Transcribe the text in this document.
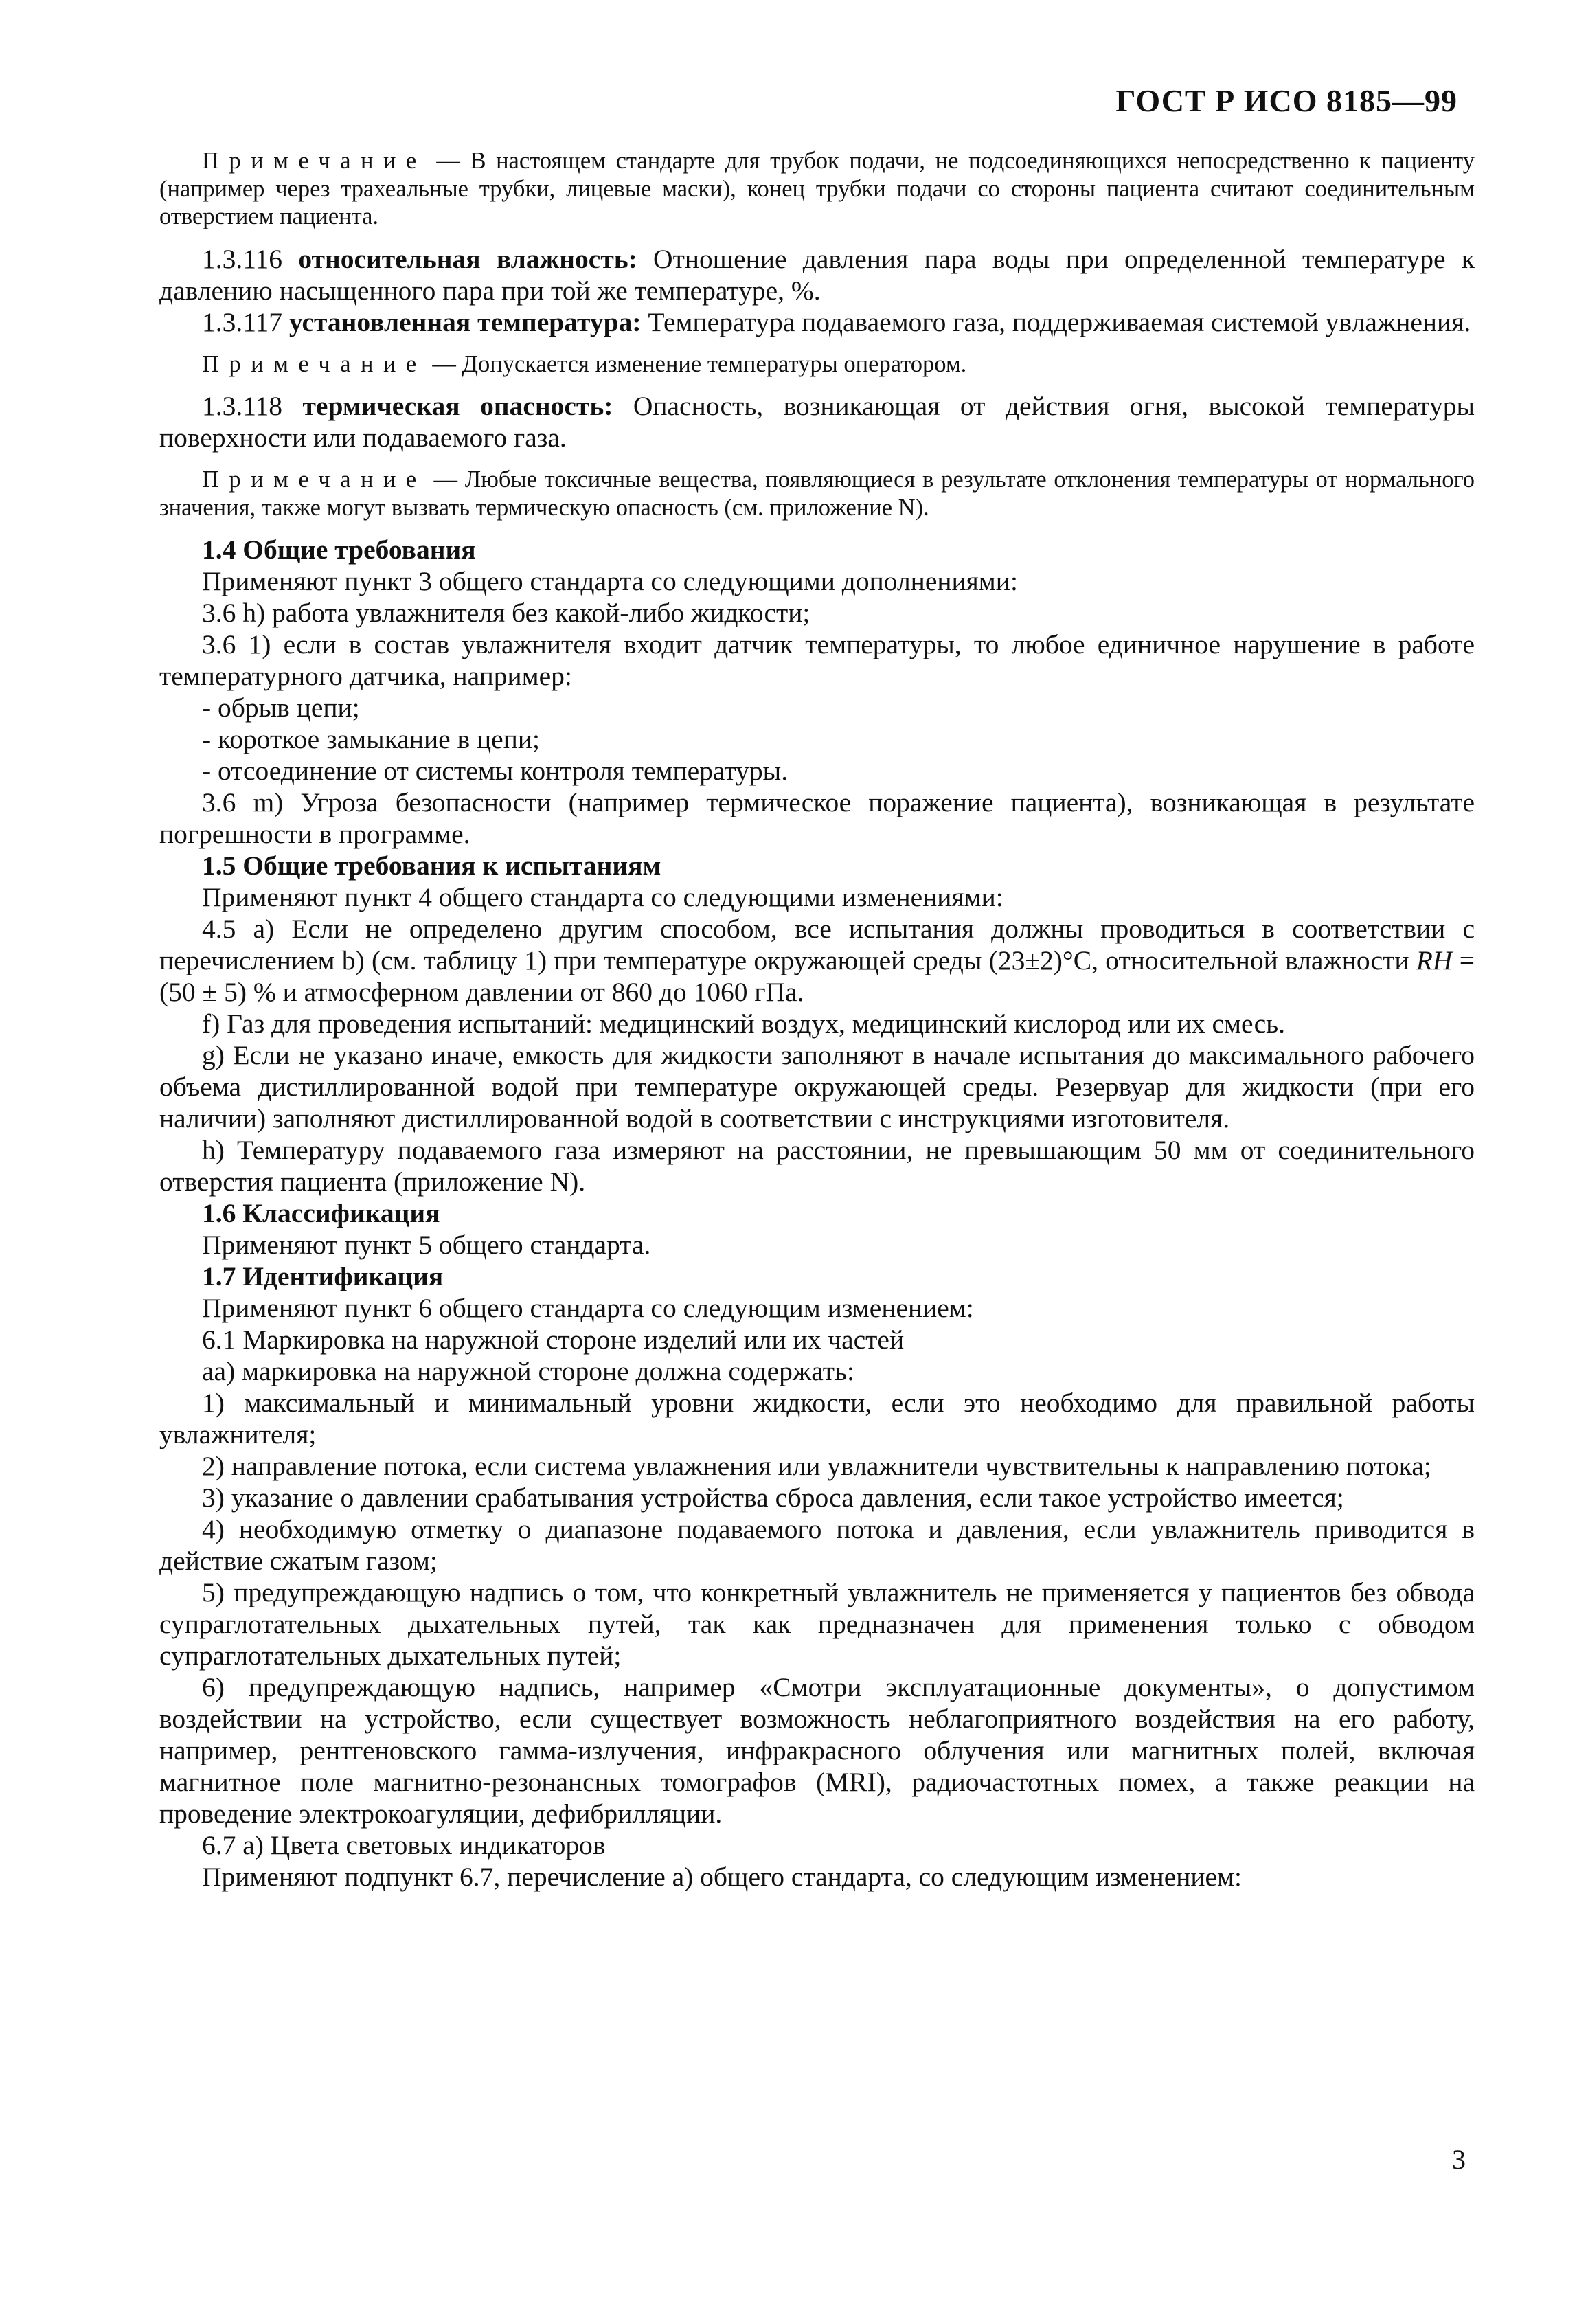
ГОСТ Р ИСО 8185—99

Примечание — В настоящем стандарте для трубок подачи, не подсоединяющихся непосредственно к пациенту (например через трахеальные трубки, лицевые маски), конец трубки подачи со стороны пациента считают соединительным отверстием пациента.

1.3.116 относительная влажность: Отношение давления пара воды при определенной температуре к давлению насыщенного пара при той же температуре, %.

1.3.117 установленная температура: Температура подаваемого газа, поддерживаемая системой увлажнения.

Примечание — Допускается изменение температуры оператором.

1.3.118 термическая опасность: Опасность, возникающая от действия огня, высокой температуры поверхности или подаваемого газа.

Примечание — Любые токсичные вещества, появляющиеся в результате отклонения температуры от нормального значения, также могут вызвать термическую опасность (см. приложение N).

1.4 Общие требования

Применяют пункт 3 общего стандарта со следующими дополнениями:

3.6 h) работа увлажнителя без какой-либо жидкости;

3.6 1) если в состав увлажнителя входит датчик температуры, то любое единичное нарушение в работе температурного датчика, например:

- обрыв цепи;

- короткое замыкание в цепи;

- отсоединение от системы контроля температуры.

3.6 m) Угроза безопасности (например термическое поражение пациента), возникающая в результате погрешности в программе.

1.5 Общие требования к испытаниям

Применяют пункт 4 общего стандарта со следующими изменениями:

4.5 а) Если не определено другим способом, все испытания должны проводиться в соответствии с перечислением b) (см. таблицу 1) при температуре окружающей среды (23±2)°С, относительной влажности RH = (50 ± 5) % и атмосферном давлении от 860 до 1060 гПа.

f) Газ для проведения испытаний: медицинский воздух, медицинский кислород или их смесь.

g) Если не указано иначе, емкость для жидкости заполняют в начале испытания до максимального рабочего объема дистиллированной водой при температуре окружающей среды. Резервуар для жидкости (при его наличии) заполняют дистиллированной водой в соответствии с инструкциями изготовителя.

h) Температуру подаваемого газа измеряют на расстоянии, не превышающим 50 мм от соединительного отверстия пациента (приложение N).

1.6 Классификация

Применяют пункт 5 общего стандарта.

1.7 Идентификация

Применяют пункт 6 общего стандарта со следующим изменением:

6.1 Маркировка на наружной стороне изделий или их частей

аа) маркировка на наружной стороне должна содержать:

1) максимальный и минимальный уровни жидкости, если это необходимо для правильной работы увлажнителя;

2) направление потока, если система увлажнения или увлажнители чувствительны к направлению потока;

3) указание о давлении срабатывания устройства сброса давления, если такое устройство имеется;

4) необходимую отметку о диапазоне подаваемого потока и давления, если увлажнитель приводится в действие сжатым газом;

5) предупреждающую надпись о том, что конкретный увлажнитель не применяется у пациентов без обвода супраглотательных дыхательных путей, так как предназначен для применения только с обводом супраглотательных дыхательных путей;

6) предупреждающую надпись, например «Смотри эксплуатационные документы», о допустимом воздействии на устройство, если существует возможность неблагоприятного воздействия на его работу, например, рентгеновского гамма-излучения, инфракрасного облучения или магнитных полей, включая магнитное поле магнитно-резонансных томографов (MRI), радиочастотных помех, а также реакции на проведение электрокоагуляции, дефибрилляции.

6.7 а) Цвета световых индикаторов

Применяют подпункт 6.7, перечисление а) общего стандарта, со следующим изменением:

3
